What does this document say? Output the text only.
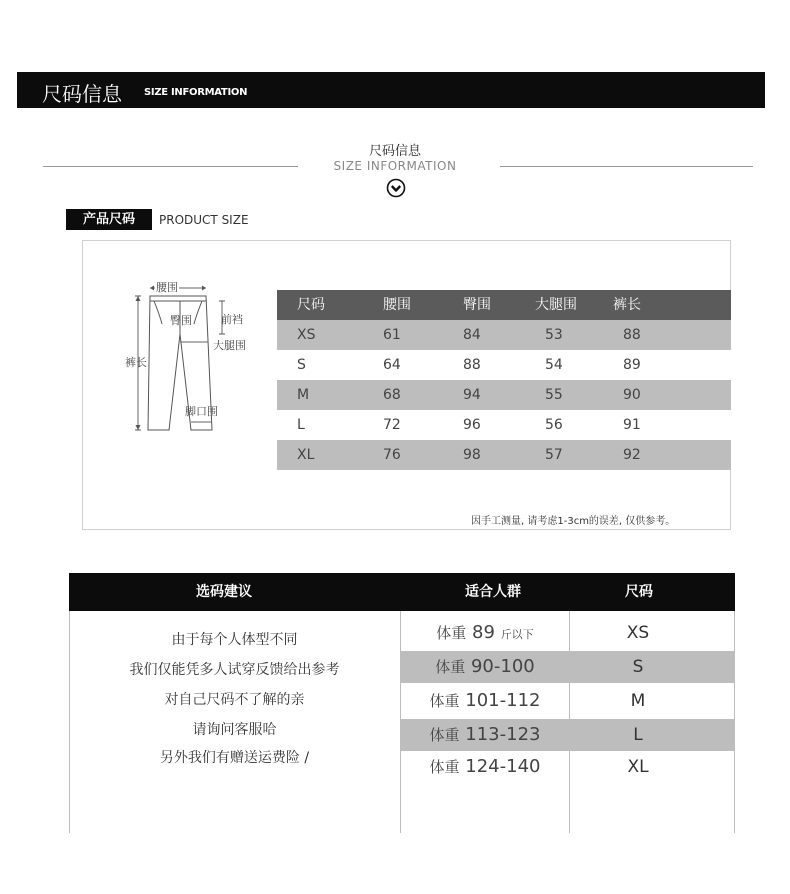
尺码信息 SIZE INFORMATION
尺码信息
SIZE INFORMATION
产品尺码	PRODUCT SIZE
腰围
臀围	前裆
大腿围
裤长
脚口围
尺码	腰围	臀围	大腿围	裤长
XS	61	84	53	88
S	64	88	54	89
M	68	94	55	90
L	72	96	56	91
XL	76	98	57	92
因手工测量, 请考虑1-3cm的误差, 仅供参考。
选码建议	适合人群	尺码
由于每个人体型不同
我们仅能凭多人试穿反馈给出参考
对自己尺码不了解的亲
请询问客服哈
另外我们有赠送运费险 /
体重 89 斤以下	XS
体重 90-100	S
体重 101-112	M
体重 113-123	L
体重 124-140	XL
